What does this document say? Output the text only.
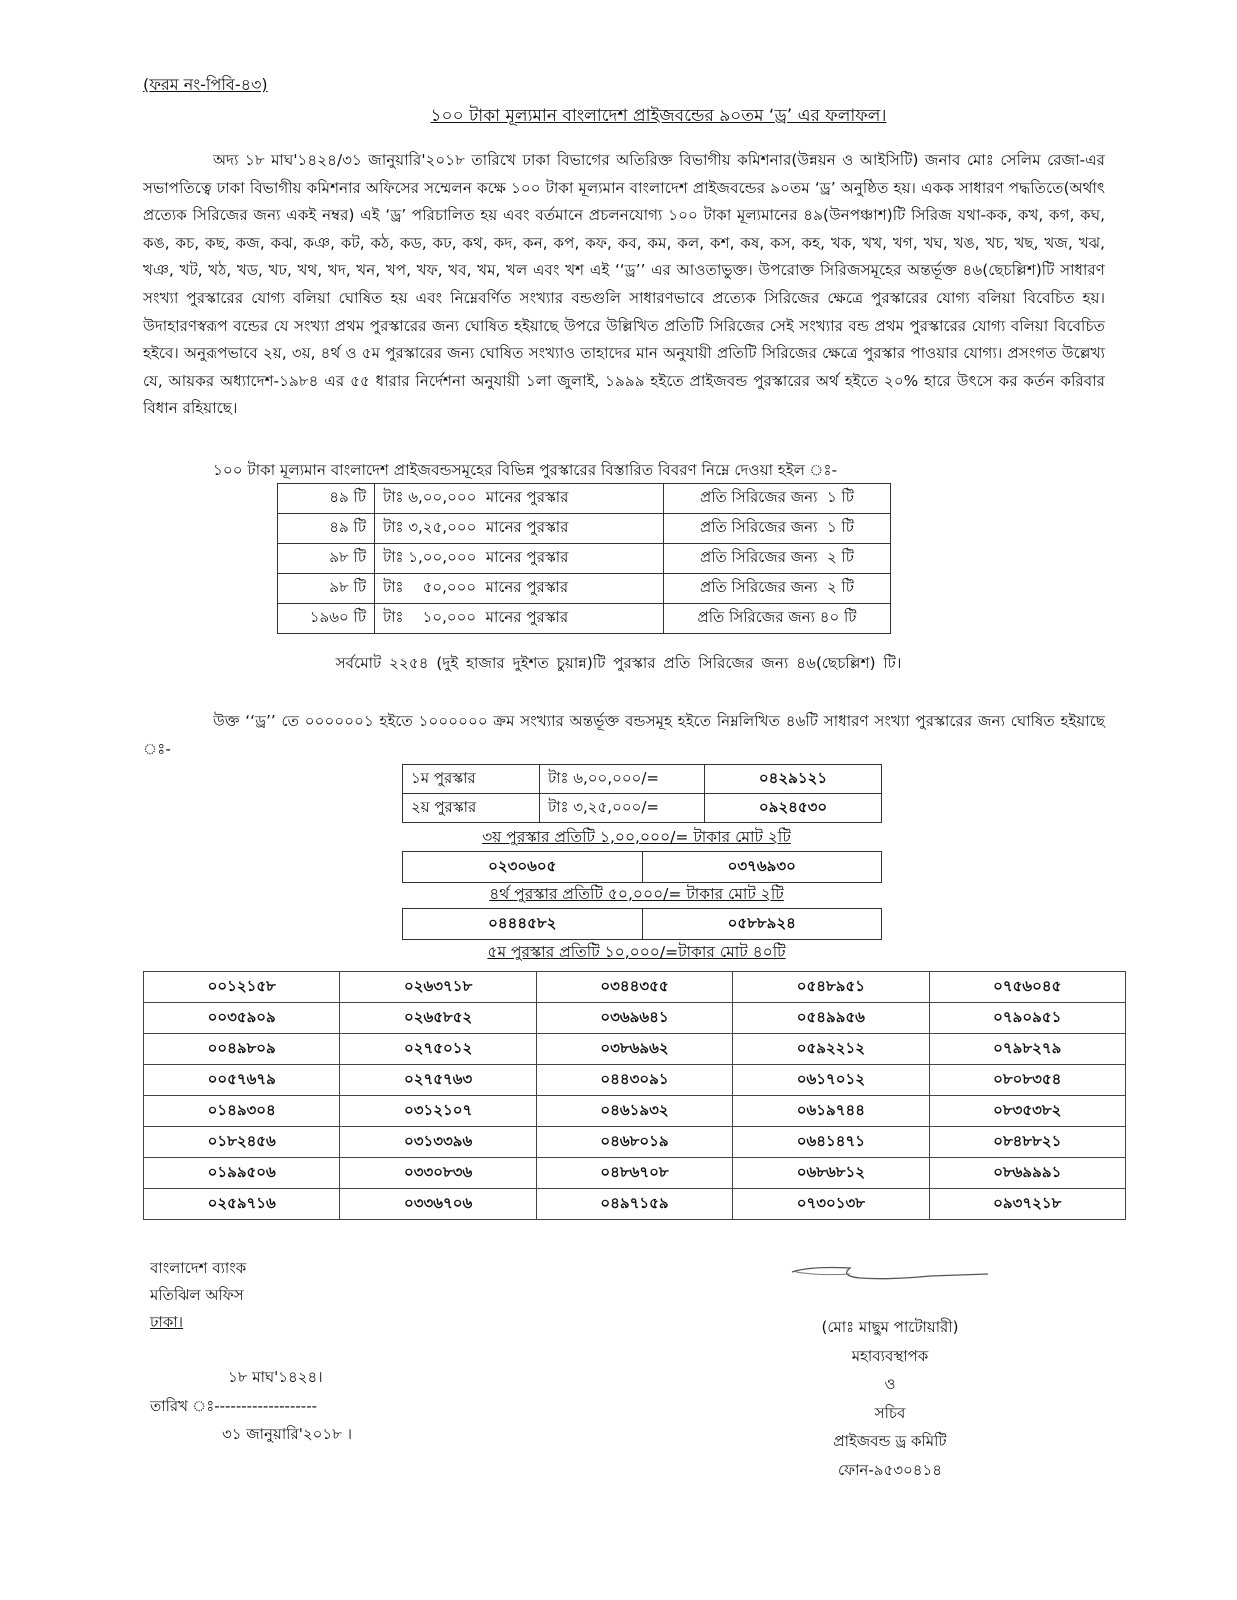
(ফরম নং-পিবি-৪৩)
১০০ টাকা মূল্যমান বাংলাদেশ প্রাইজবন্ডের ৯০তম ‘ড্র’ এর ফলাফল।
অদ্য ১৮ মাঘ'১৪২৪/৩১ জানুয়ারি'২০১৮ তারিখে ঢাকা বিভাগের অতিরিক্ত বিভাগীয় কমিশনার(উন্নয়ন ও আইসিটি) জনাব মোঃ সেলিম রেজা-এর সভাপতিত্বে ঢাকা বিভাগীয় কমিশনার অফিসের সম্মেলন কক্ষে ১০০ টাকা মূল্যমান বাংলাদেশ প্রাইজবন্ডের ৯০তম ‘ড্র’ অনুষ্ঠিত হয়। একক সাধারণ পদ্ধতিতে(অর্থাৎ প্রত্যেক সিরিজের জন্য একই নম্বর) এই ‘ড্র’ পরিচালিত হয় এবং বর্তমানে প্রচলনযোগ্য ১০০ টাকা মূল্যমানের ৪৯(উনপঞ্চাশ)টি সিরিজ যথা-কক, কখ, কগ, কঘ, কঙ, কচ, কছ, কজ, কঝ, কঞ, কট, কঠ, কড, কঢ, কথ, কদ, কন, কপ, কফ, কব, কম, কল, কশ, কষ, কস, কহ, খক, খখ, খগ, খঘ, খঙ, খচ, খছ, খজ, খঝ, খঞ, খট, খঠ, খড, খঢ, খথ, খদ, খন, খপ, খফ, খব, খম, খল এবং খশ এই ‘‘ড্র’’ এর আওতাভুক্ত। উপরোক্ত সিরিজসমূহের অন্তর্ভূক্ত ৪৬(ছেচল্লিশ)টি সাধারণ সংখ্যা পুরস্কারের যোগ্য বলিয়া ঘোষিত হয় এবং নিম্নেবর্ণিত সংখ্যার বন্ডগুলি সাধারণভাবে প্রত্যেক সিরিজের ক্ষেত্রে পুরস্কারের যোগ্য বলিয়া বিবেচিত হয়। উদাহারণস্বরূপ বন্ডের যে সংখ্যা প্রথম পুরস্কারের জন্য ঘোষিত হইয়াছে উপরে উল্লিখিত প্রতিটি সিরিজের সেই সংখ্যার বন্ড প্রথম পুরস্কারের যোগ্য বলিয়া বিবেচিত হইবে। অনুরূপভাবে ২য়, ৩য়, ৪র্থ ও ৫ম পুরস্কারের জন্য ঘোষিত সংখ্যাও তাহাদের মান অনুযায়ী প্রতিটি সিরিজের ক্ষেত্রে পুরস্কার পাওয়ার যোগ্য। প্রসংগত উল্লেখ্য যে, আয়কর অধ্যাদেশ-১৯৮৪ এর ৫৫ ধারার নির্দেশনা অনুযায়ী ১লা জুলাই, ১৯৯৯ হইতে প্রাইজবন্ড পুরস্কারের অর্থ হইতে ২০% হারে উৎসে কর কর্তন করিবার বিধান রহিয়াছে।
১০০ টাকা মূল্যমান বাংলাদেশ প্রাইজবন্ডসমূহের বিভিন্ন পুরস্কারের বিস্তারিত বিবরণ নিম্নে দেওয়া হইল ঃ-
৪৯ টি	টাঃ ৬,০০,০০০  মানের পুরস্কার	প্রতি সিরিজের জন্য  ১ টি
৪৯ টি	টাঃ ৩,২৫,০০০  মানের পুরস্কার	প্রতি সিরিজের জন্য  ১ টি
৯৮ টি	টাঃ ১,০০,০০০  মানের পুরস্কার	প্রতি সিরিজের জন্য  ২ টি
৯৮ টি	টাঃ    ৫০,০০০  মানের পুরস্কার	প্রতি সিরিজের জন্য  ২ টি
১৯৬০ টি	টাঃ    ১০,০০০  মানের পুরস্কার	প্রতি সিরিজের জন্য ৪০ টি
সর্বমোট ২২৫৪ (দুই হাজার দুইশত চুয়ান্ন)টি পুরস্কার প্রতি সিরিজের জন্য ৪৬(ছেচল্লিশ) টি।
উক্ত ‘‘ড্র’’ তে ০০০০০০১ হইতে ১০০০০০০ ক্রম সংখ্যার অন্তর্ভূক্ত বন্ডসমূহ হইতে নিম্নলিখিত ৪৬টি সাধারণ সংখ্যা পুরস্কারের জন্য ঘোষিত হইয়াছে ঃ-
১ম পুরস্কার	টাঃ ৬,০০,০০০/=	০৪২৯১২১
২য় পুরস্কার	টাঃ ৩,২৫,০০০/=	০৯২৪৫৩০
৩য় পুরস্কার প্রতিটি ১,০০,০০০/= টাকার মোট ২টি
০২৩০৬০৫	০৩৭৬৯৩০
৪র্থ পুরস্কার প্রতিটি ৫০,০০০/= টাকার মোট ২টি
০৪৪৪৫৮২	০৫৮৮৯২৪
৫ম পুরস্কার প্রতিটি ১০,০০০/=টাকার মোট ৪০টি
০০১২১৫৮	০২৬৩৭১৮	০৩৪৪৩৫৫	০৫৪৮৯৫১	০৭৫৬০৪৫
০০৩৫৯০৯	০২৬৫৮৫২	০৩৬৯৬৪১	০৫৪৯৯৫৬	০৭৯০৯৫১
০০৪৯৮০৯	০২৭৫০১২	০৩৮৬৯৬২	০৫৯২২১২	০৭৯৮২৭৯
০০৫৭৬৭৯	০২৭৫৭৬৩	০৪৪৩০৯১	০৬১৭০১২	০৮০৮৩৫৪
০১৪৯৩০৪	০৩১২১০৭	০৪৬১৯৩২	০৬১৯৭৪৪	০৮৩৫৩৮২
০১৮২৪৫৬	০৩১৩৩৯৬	০৪৬৮০১৯	০৬৪১৪৭১	০৮৪৮৮২১
০১৯৯৫০৬	০৩৩০৮৩৬	০৪৮৬৭০৮	০৬৮৬৮১২	০৮৬৯৯৯১
০২৫৯৭১৬	০৩৩৬৭০৬	০৪৯৭১৫৯	০৭৩০১৩৮	০৯৩৭২১৮
বাংলাদেশ ব্যাংক
মতিঝিল অফিস
ঢাকা।
১৮ মাঘ'১৪২৪।
তারিখ ঃ-------------------
৩১ জানুয়ারি'২০১৮ ।
(মোঃ মাছুম পাটোয়ারী)
মহাব্যবস্থাপক
ও
সচিব
প্রাইজবন্ড ড্র কমিটি
ফোন-৯৫৩০৪১৪
